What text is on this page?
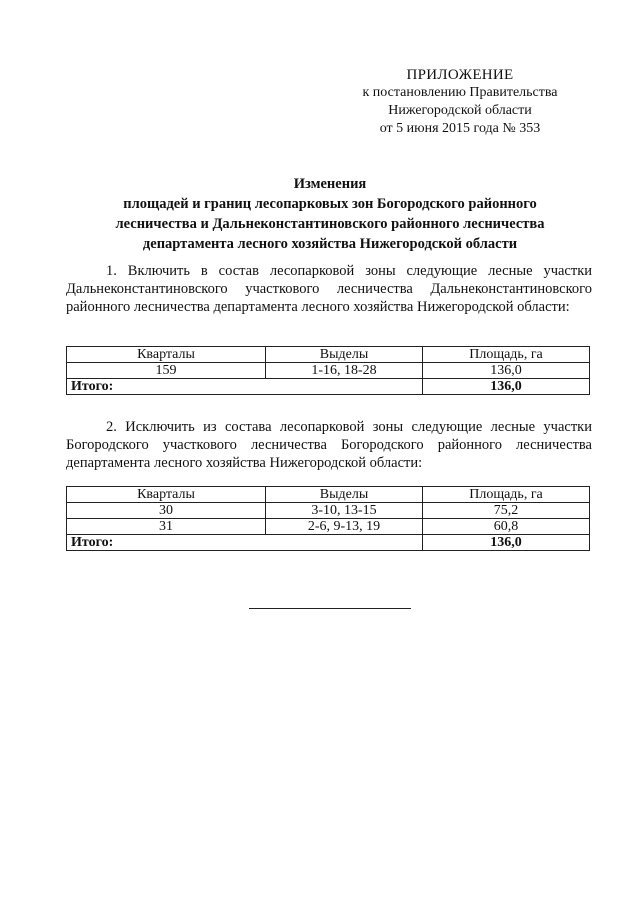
ПРИЛОЖЕНИЕ
к постановлению Правительства
Нижегородской области
от 5 июня 2015 года № 353
Изменения
площадей и границ лесопарковых зон Богородского районного
лесничества и Дальнеконстантиновского районного лесничества
департамента лесного хозяйства Нижегородской области
1. Включить в состав лесопарковой зоны следующие лесные участки Дальнеконстантиновского участкового лесничества Дальнеконстантиновского районного лесничества департамента лесного хозяйства Нижегородской области:
Кварталы	Выделы	Площадь, га
159	1-16, 18-28	136,0
Итого:		136,0
2. Исключить из состава лесопарковой зоны следующие лесные участки Богородского участкового лесничества Богородского районного лесничества департамента лесного хозяйства Нижегородской области:
Кварталы	Выделы	Площадь, га
30	3-10, 13-15	75,2
31	2-6, 9-13, 19	60,8
Итого:		136,0
